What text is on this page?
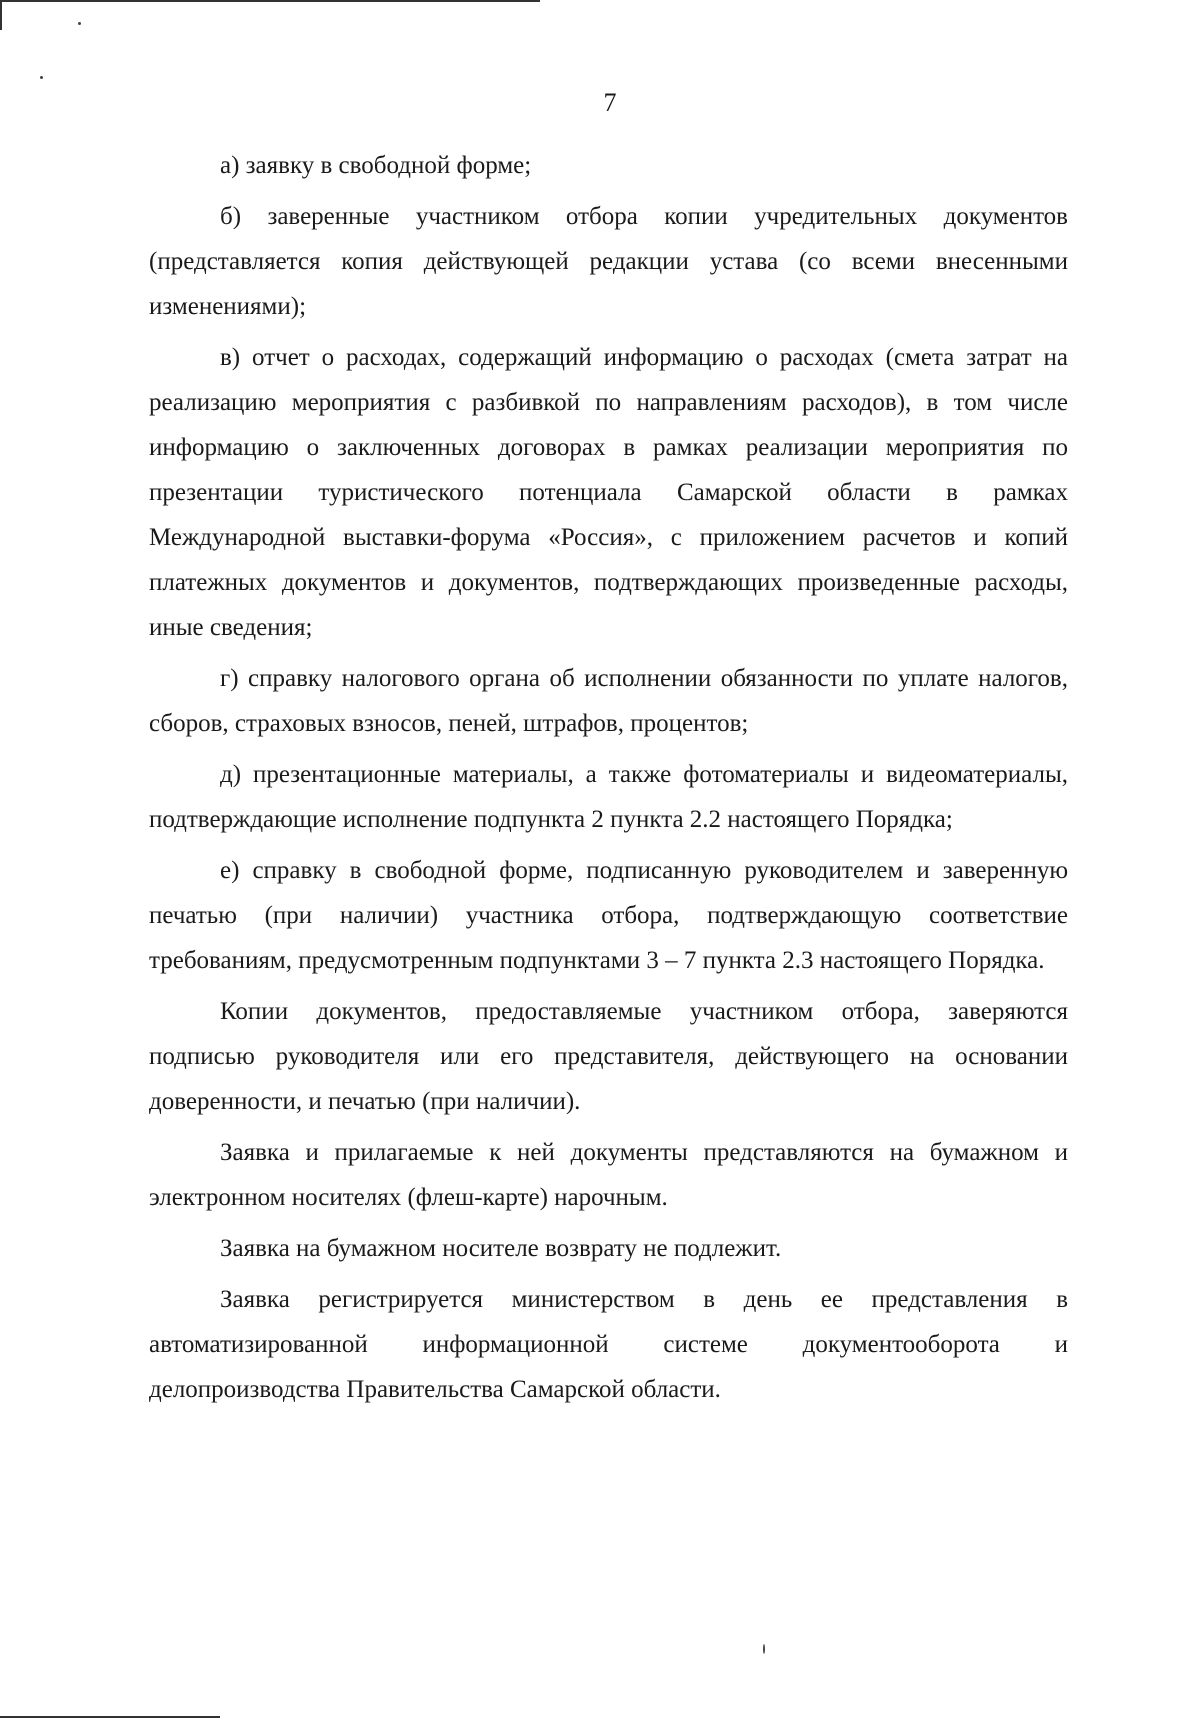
7

а) заявку в свободной форме;

б) заверенные участником отбора копии учредительных документов (представляется копия действующей редакции устава (со всеми внесенными изменениями);

в) отчет о расходах, содержащий информацию о расходах (смета затрат на реализацию мероприятия с разбивкой по направлениям расходов), в том числе информацию о заключенных договорах в рамках реализации мероприятия по презентации туристического потенциала Самарской области в рамках Международной выставки-форума «Россия», с приложением расчетов и копий платежных документов и документов, подтверждающих произведенные расходы, иные сведения;

г) справку налогового органа об исполнении обязанности по уплате налогов, сборов, страховых взносов, пеней, штрафов, процентов;

д) презентационные материалы, а также фотоматериалы и видеоматериалы, подтверждающие исполнение подпункта 2 пункта 2.2 настоящего Порядка;

е) справку в свободной форме, подписанную руководителем и заверенную печатью (при наличии) участника отбора, подтверждающую соответствие требованиям, предусмотренным подпунктами 3 – 7 пункта 2.3 настоящего Порядка.

Копии документов, предоставляемые участником отбора, заверяются подписью руководителя или его представителя, действующего на основании доверенности, и печатью (при наличии).

Заявка и прилагаемые к ней документы представляются на бумажном и электронном носителях (флеш-карте) нарочным.

Заявка на бумажном носителе возврату не подлежит.

Заявка регистрируется министерством в день ее представления в автоматизированной информационной системе документооборота и делопроизводства Правительства Самарской области.
